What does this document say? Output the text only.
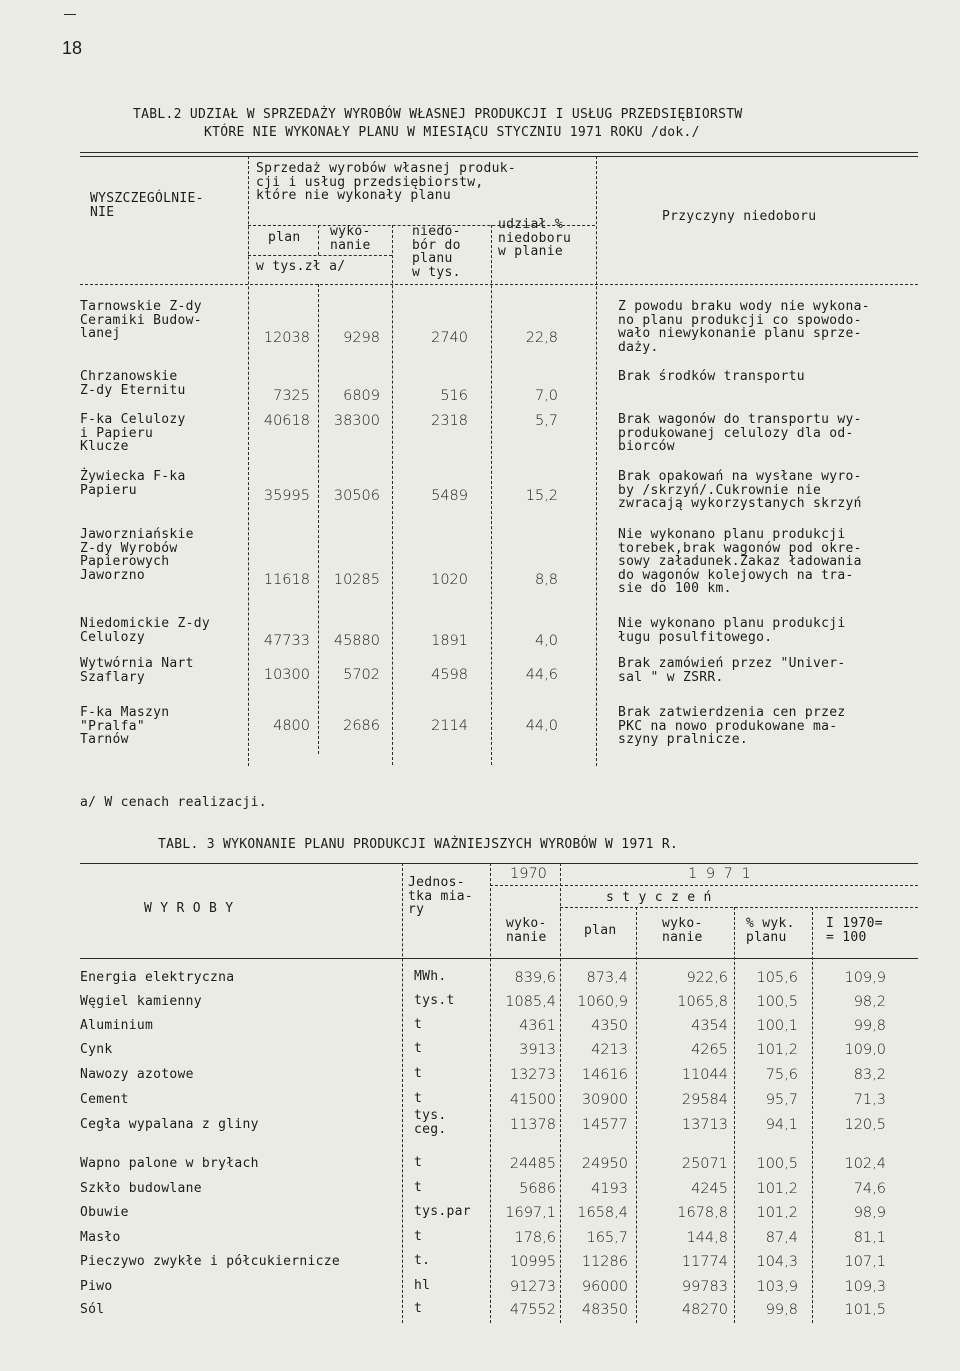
18
TABL.2 UDZIAŁ W SPRZEDAŻY WYROBÓW WŁASNEJ PRODUKCJI I USŁUG PRZEDSIĘBIORSTW
KTÓRE NIE WYKONAŁY PLANU W MIESIĄCU STYCZNIU 1971 ROKU /dok./
WYSZCZEGÓLNIE-
NIE
Sprzedaż wyrobów własnej produk-
cji i usług przedsiębiorstw,
które nie wykonały planu
plan wyko-
nanie
w tys.zł a/
niedo-
bór do
planu
w tys.
udział %
niedoboru
w planie
Przyczyny niedoboru
Tarnowskie Z-dy
Ceramiki Budow-
lanej	12038	9298	2740	22,8
Z powodu braku wody nie wykona-
no planu produkcji co spowodo-
wało niewykonanie planu sprze-
daży.
Chrzanowskie
Z-dy Eternitu	7325	6809	516	7,0
Brak środków transportu
F-ka Celulozy
i Papieru
Klucze
40618	38300	2318	5,7	Brak wagonów do transportu wy-
produkowanej celulozy dla od-
biorców
Żywiecka F-ka
Papieru	35995	30506	5489	15,2
Brak opakowań na wysłane wyro-
by /skrzyń/.Cukrownie nie
zwracają wykorzystanych skrzyń
Jaworzniańskie
Z-dy Wyrobów
Papierowych
Jaworzno	11618	10285	1020	8,8
Nie wykonano planu produkcji
torebek,brak wagonów pod okre-
sowy załadunek.Zakaz ładowania
do wagonów kolejowych na tra-
sie do 100 km.
Niedomickie Z-dy
Celulozy	47733	45880	1891	4,0
Nie wykonano planu produkcji
ługu posulfitowego.
Wytwórnia Nart
Szaflary	10300	5702	4598	44,6
Brak zamówień przez "Univer-
sal " w ZSRR.
F-ka Maszyn
"Pralfa"
Tarnów
4800	2686	2114	44,0
Brak zatwierdzenia cen przez
PKC na nowo produkowane ma-
szyny pralnicze.
a/ W cenach realizacji.
TABL. 3 WYKONANIE PLANU PRODUKCJI WAŻNIEJSZYCH WYROBÓW W 1971 R.
W Y R O B Y
Jednos-
tka mia-
ry
1970	1 9 7 1
s t y c z e ń
wyko-
nanie	plan	wyko-
nanie
% wyk.
planu
I 1970=
= 100
Energia elektryczna	MWh.	839,6	873,4	922,6	105,6	109,9
Węgiel kamienny	tys.t	1085,4	1060,9	1065,8	100,5	98,2
Aluminium	t	4361	4350	4354	100,1	99,8
Cynk	t	3913	4213	4265	101,2	109,0
Nawozy azotowe	t	13273	14616	11044	75,6	83,2
Cement	t	41500	30900	29584	95,7	71,3
Cegła wypalana z gliny
tys.
ceg.	11378	14577	13713	94,1	120,5
Wapno palone w bryłach	t	24485	24950	25071	100,5	102,4
Szkło budowlane	t	5686	4193	4245	101,2	74,6
Obuwie	tys.par	1697,1	1658,4	1678,8	101,2	98,9
Masło	t	178,6	165,7	144,8	87,4	81,1
Pieczywo zwykłe i półcukiernicze	t.	10995	11286	11774	104,3	107,1
Piwo	hl	91273	96000	99783	103,9	109,3
Sól	t	47552	48350	48270	99,8	101,5
